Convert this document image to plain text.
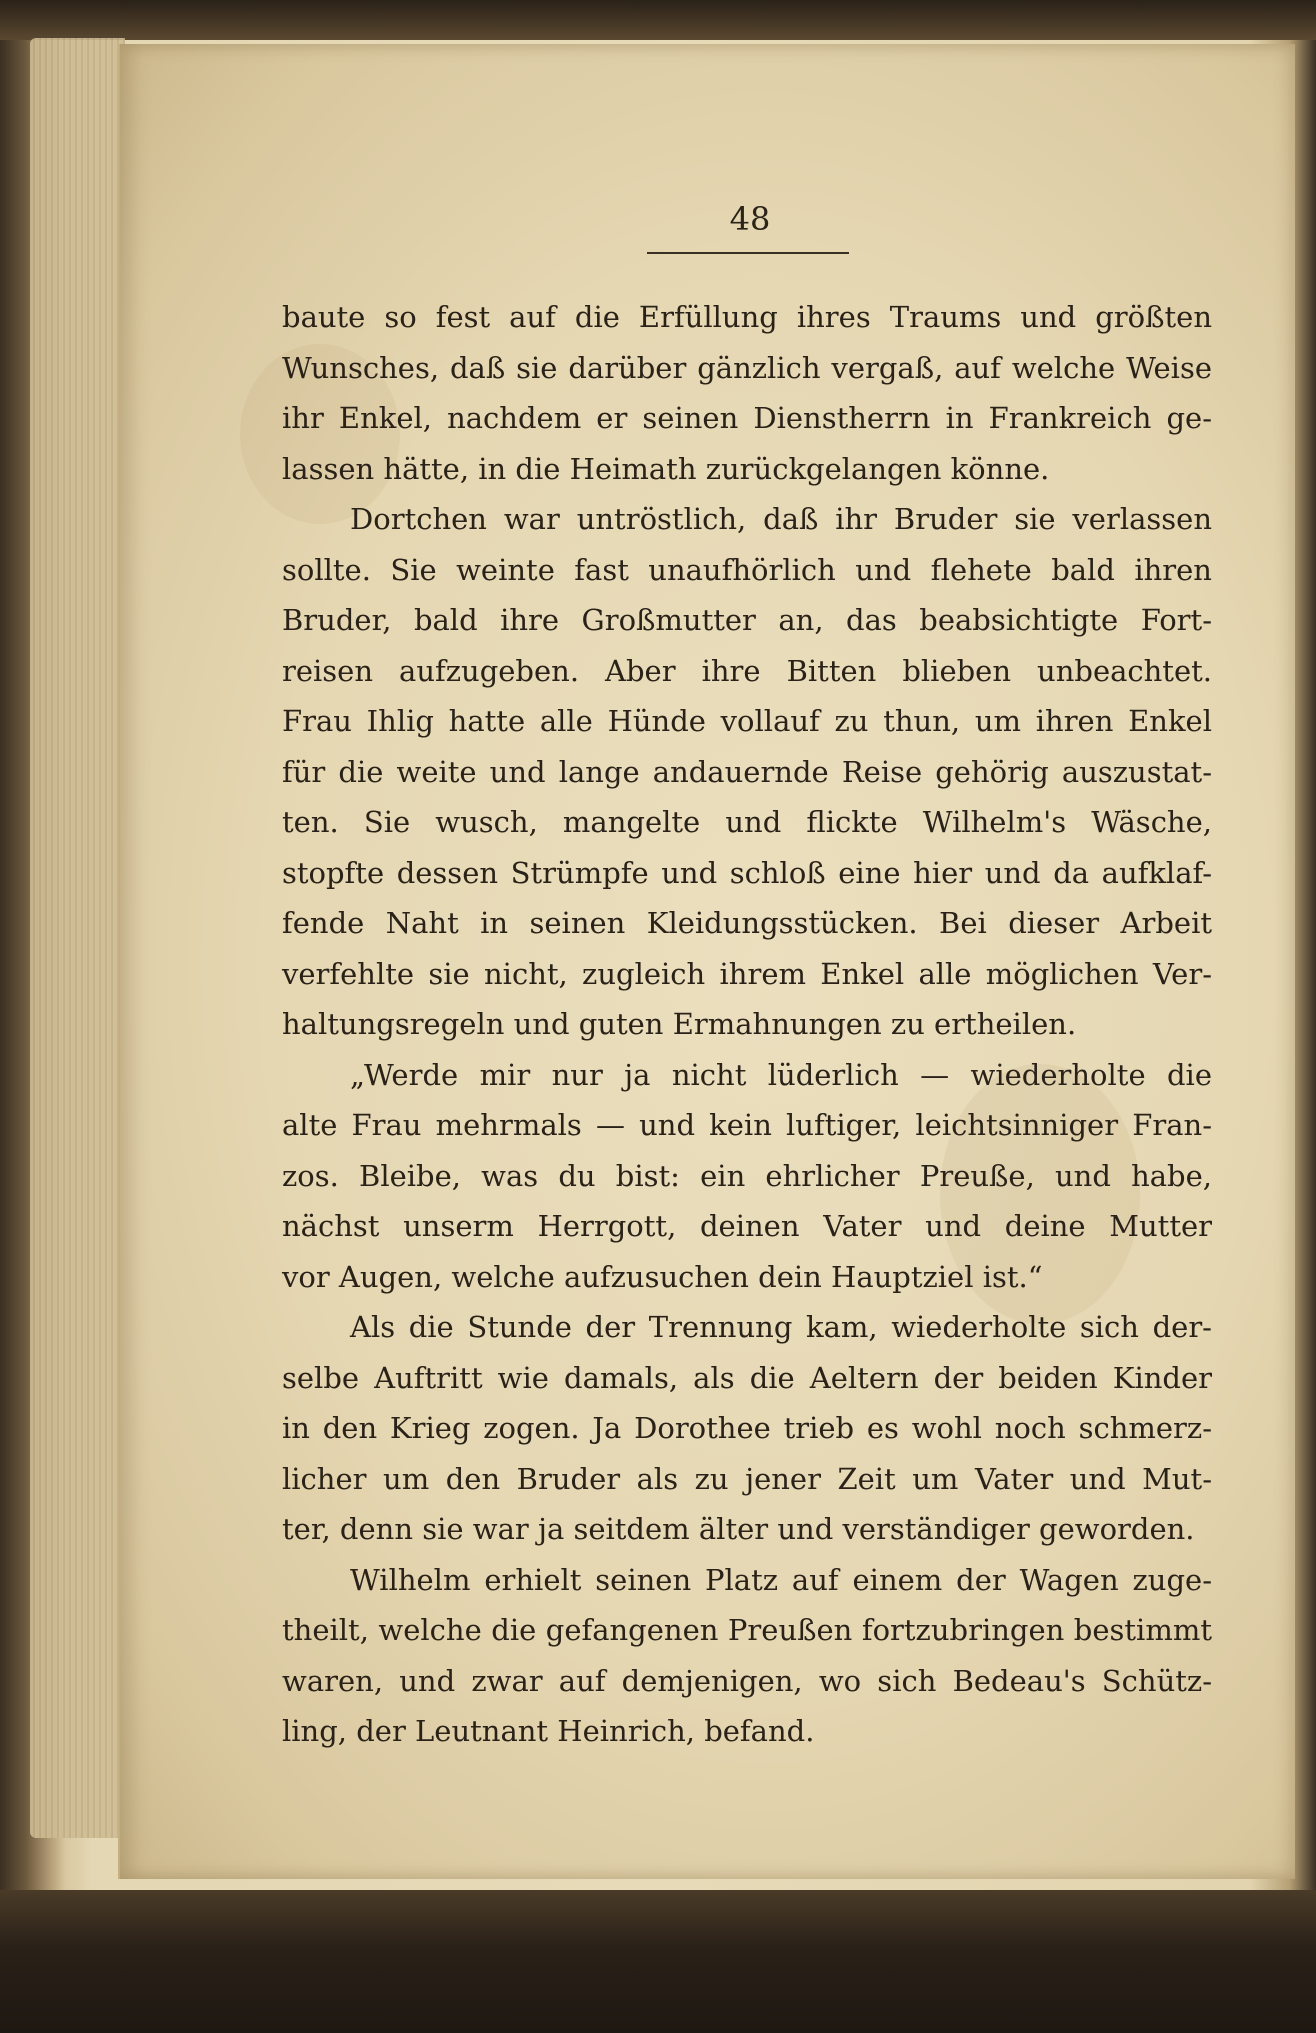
48
baute so fest auf die Erfüllung ihres Traums und größten
Wunsches, daß sie darüber gänzlich vergaß, auf welche Weise
ihr Enkel, nachdem er seinen Dienstherrn in Frankreich ge-
lassen hätte, in die Heimath zurückgelangen könne.
Dortchen war untröstlich, daß ihr Bruder sie verlassen
sollte. Sie weinte fast unaufhörlich und flehete bald ihren
Bruder, bald ihre Großmutter an, das beabsichtigte Fort-
reisen aufzugeben. Aber ihre Bitten blieben unbeachtet.
Frau Ihlig hatte alle Hünde vollauf zu thun, um ihren Enkel
für die weite und lange andauernde Reise gehörig auszustat-
ten. Sie wusch, mangelte und flickte Wilhelm's Wäsche,
stopfte dessen Strümpfe und schloß eine hier und da aufklaf-
fende Naht in seinen Kleidungsstücken. Bei dieser Arbeit
verfehlte sie nicht, zugleich ihrem Enkel alle möglichen Ver-
haltungsregeln und guten Ermahnungen zu ertheilen.
„Werde mir nur ja nicht lüderlich — wiederholte die
alte Frau mehrmals — und kein luftiger, leichtsinniger Fran-
zos. Bleibe, was du bist: ein ehrlicher Preuße, und habe,
nächst unserm Herrgott, deinen Vater und deine Mutter
vor Augen, welche aufzusuchen dein Hauptziel ist.“
Als die Stunde der Trennung kam, wiederholte sich der-
selbe Auftritt wie damals, als die Aeltern der beiden Kinder
in den Krieg zogen. Ja Dorothee trieb es wohl noch schmerz-
licher um den Bruder als zu jener Zeit um Vater und Mut-
ter, denn sie war ja seitdem älter und verständiger geworden.
Wilhelm erhielt seinen Platz auf einem der Wagen zuge-
theilt, welche die gefangenen Preußen fortzubringen bestimmt
waren, und zwar auf demjenigen, wo sich Bedeau's Schütz-
ling, der Leutnant Heinrich, befand.
